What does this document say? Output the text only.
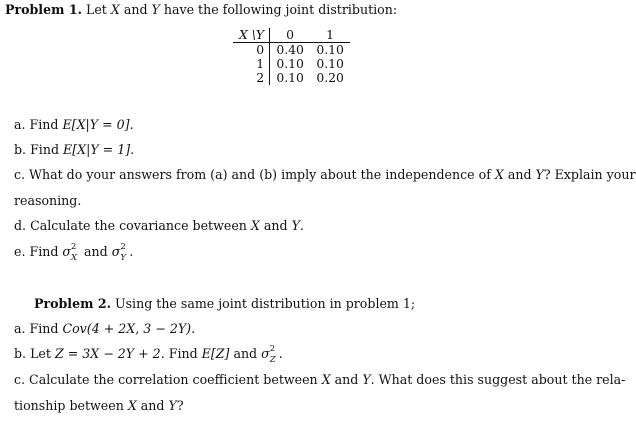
Problem 1. Let X and Y have the following joint distribution:
X \Y	0	1
0	0.40	0.10
1	0.10	0.10
2	0.10	0.20
a. Find E[X|Y = 0].
b. Find E[X|Y = 1].
c. What do your answers from (a) and (b) imply about the independence of X and Y? Explain your
reasoning.
d. Calculate the covariance between X and Y.
e. Find σ 2
X and σ 2
Y .
Problem 2. Using the same joint distribution in problem 1;
a. Find Cov(4 + 2X, 3 − 2Y).
b. Let Z = 3X − 2Y + 2. Find E[Z] and σ 2
Z .
c. Calculate the correlation coefficient between X and Y. What does this suggest about the rela-
tionship between X and Y?
